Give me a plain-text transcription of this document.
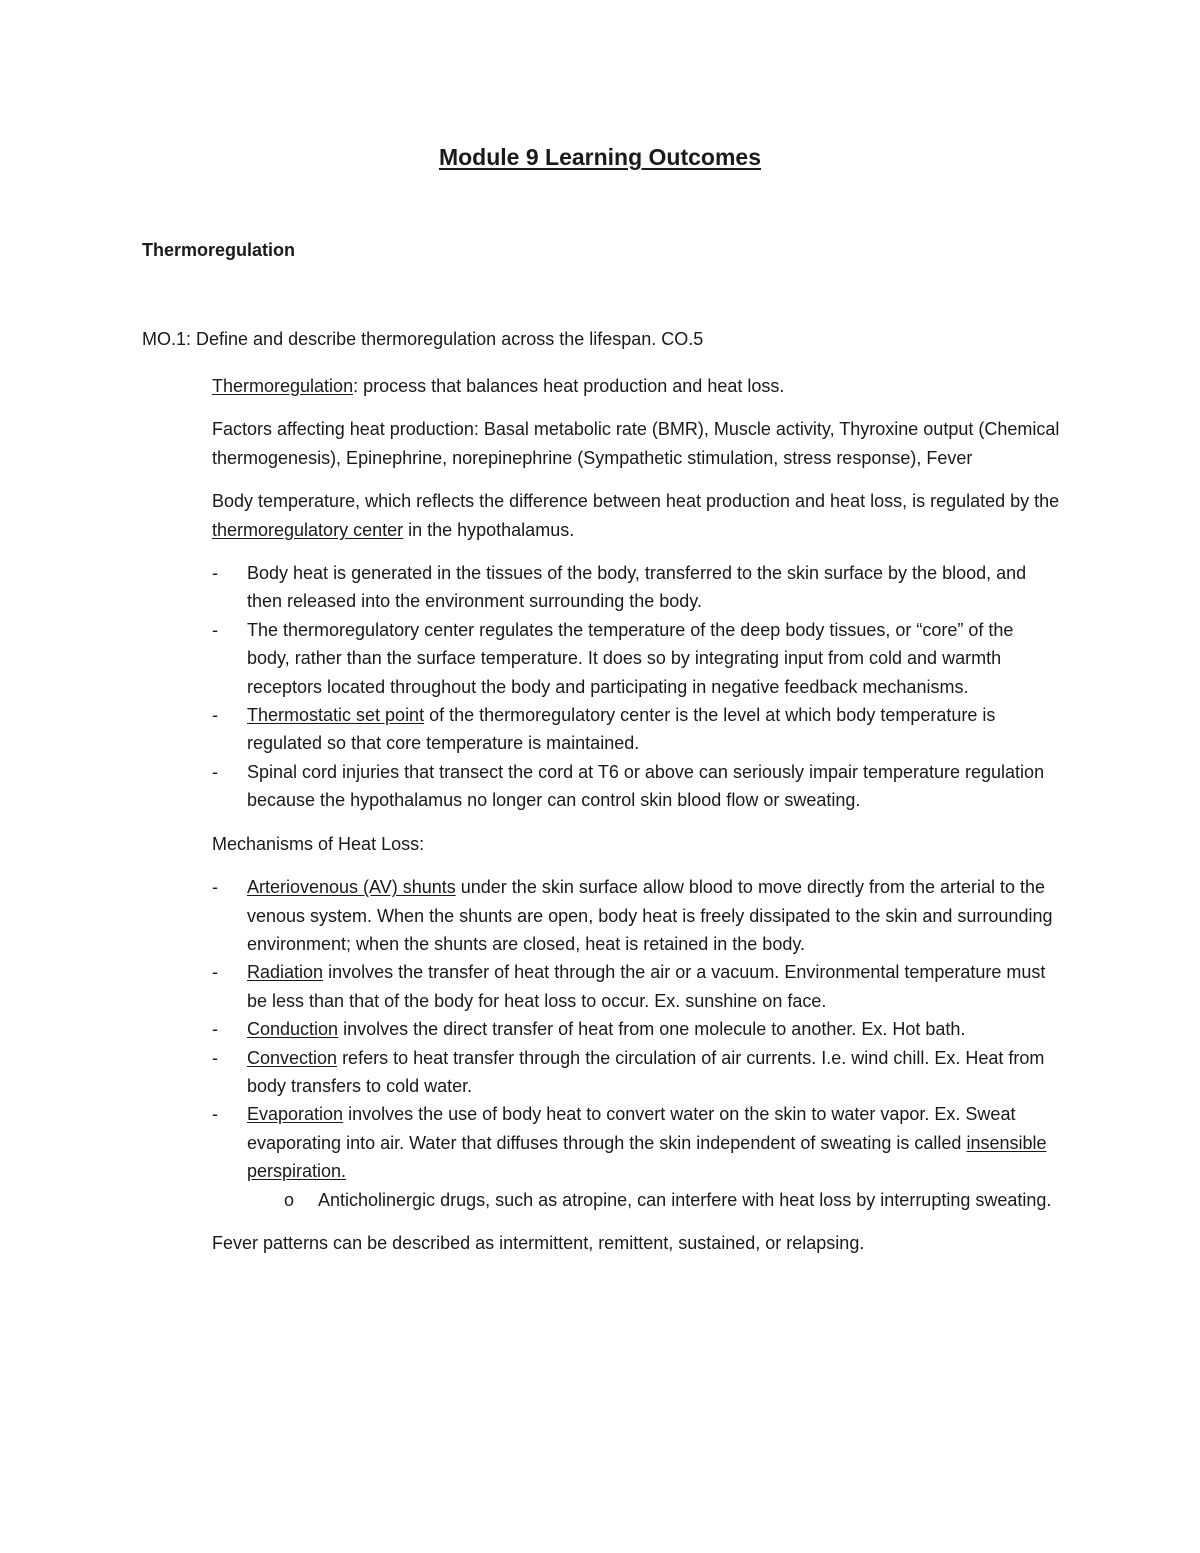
Module 9 Learning Outcomes
Thermoregulation
MO.1: Define and describe thermoregulation across the lifespan. CO.5

Thermoregulation: process that balances heat production and heat loss.

Factors affecting heat production: Basal metabolic rate (BMR), Muscle activity, Thyroxine output (Chemical thermogenesis), Epinephrine, norepinephrine (Sympathetic stimulation, stress response), Fever

Body temperature, which reflects the difference between heat production and heat loss, is regulated by the thermoregulatory center in the hypothalamus.

- Body heat is generated in the tissues of the body, transferred to the skin surface by the blood, and then released into the environment surrounding the body.
- The thermoregulatory center regulates the temperature of the deep body tissues, or “core” of the body, rather than the surface temperature. It does so by integrating input from cold and warmth receptors located throughout the body and participating in negative feedback mechanisms.
- Thermostatic set point of the thermoregulatory center is the level at which body temperature is regulated so that core temperature is maintained.
- Spinal cord injuries that transect the cord at T6 or above can seriously impair temperature regulation because the hypothalamus no longer can control skin blood flow or sweating.

Mechanisms of Heat Loss:

- Arteriovenous (AV) shunts under the skin surface allow blood to move directly from the arterial to the venous system. When the shunts are open, body heat is freely dissipated to the skin and surrounding environment; when the shunts are closed, heat is retained in the body.
- Radiation involves the transfer of heat through the air or a vacuum. Environmental temperature must be less than that of the body for heat loss to occur. Ex. sunshine on face.
- Conduction involves the direct transfer of heat from one molecule to another. Ex. Hot bath.
- Convection refers to heat transfer through the circulation of air currents. I.e. wind chill. Ex. Heat from body transfers to cold water.
- Evaporation involves the use of body heat to convert water on the skin to water vapor. Ex. Sweat evaporating into air. Water that diffuses through the skin independent of sweating is called insensible perspiration.
o Anticholinergic drugs, such as atropine, can interfere with heat loss by interrupting sweating.

Fever patterns can be described as intermittent, remittent, sustained, or relapsing.
